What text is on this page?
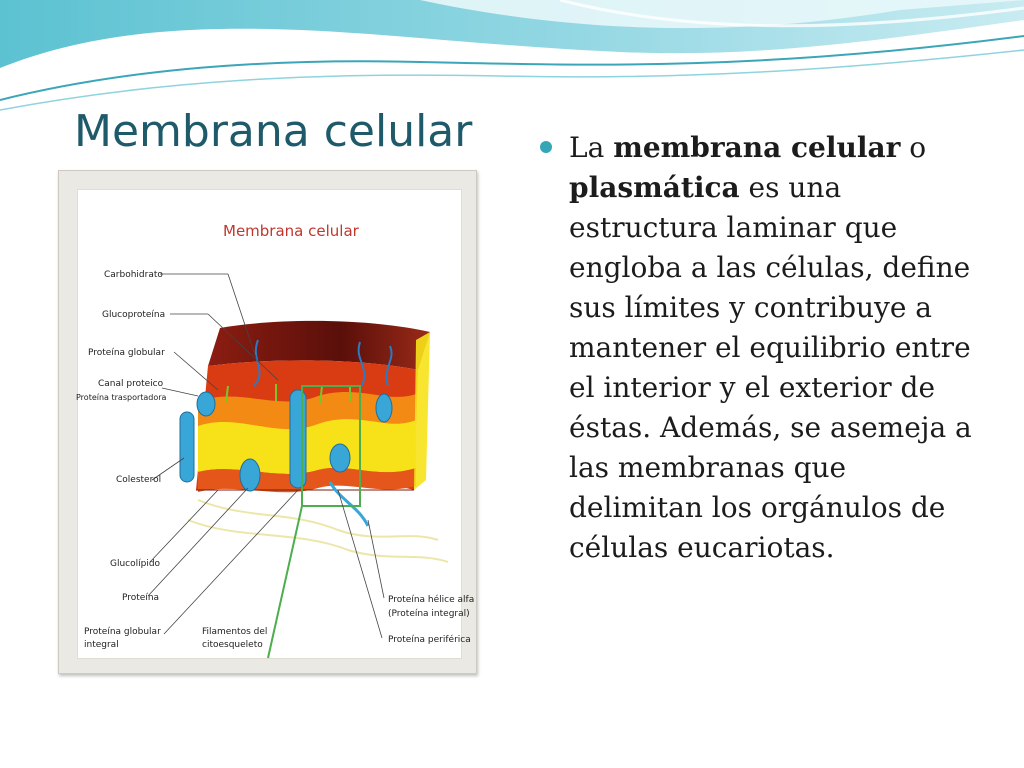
Membrana celular
Membrana celular
Carbohidrato
Glucoproteína
Proteína globular
Canal proteico
Proteína trasportadora
Colesterol
Glucolípido
Proteína
Proteína globular
integral
Filamentos del
citoesqueleto
Proteína hélice alfa
(Proteína integral)
Proteína periférica
La membrana celular o plasmática es una estructura laminar que engloba a las células, define sus límites y contribuye a mantener el equilibrio entre el interior y el exterior de éstas. Además, se asemeja a las membranas que delimitan los orgánulos de células eucariotas.
